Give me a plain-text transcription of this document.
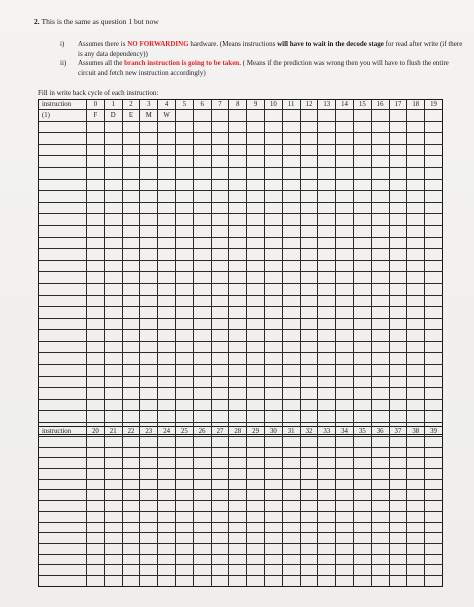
2. This is the same as question 1 but now
i) Assumes there is NO FORWARDING hardware. (Means instructions will have to wait in the decode stage for read after write (if there is any data dependency))
ii) Assumes all the branch instruction is going to be taken. ( Means if the prediction was wrong then you will have to flush the entire circuit and fetch new instruction accordingly)
Fill in write back cycle of each instruction:
instruction	0	1	2	3	4	5	6	7	8	9	10	11	12	13	14	15	16	17	18	19
(1)	F	D	E	M	W															

instruction	20	21	22	23	24	25	26	27	28	29	30	31	32	33	34	35	36	37	38	39
